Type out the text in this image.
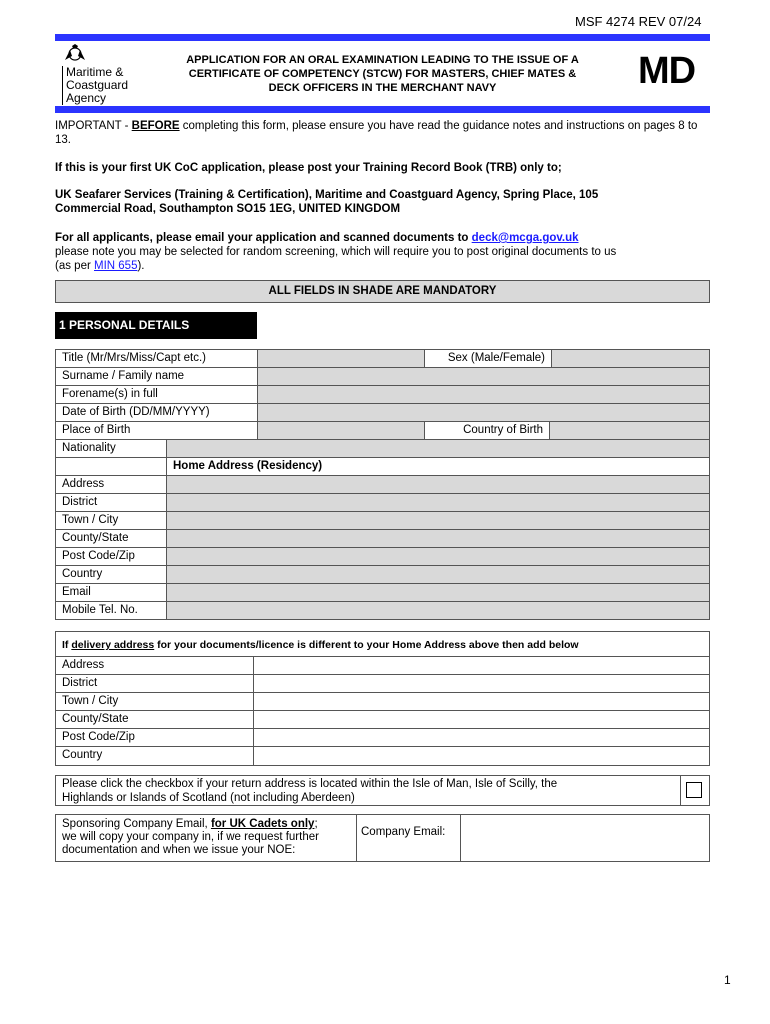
MSF 4274 REV 07/24
Maritime &
Coastguard
Agency
APPLICATION FOR AN ORAL EXAMINATION LEADING TO THE ISSUE OF A
CERTIFICATE OF COMPETENCY (STCW) FOR MASTERS, CHIEF MATES &
DECK OFFICERS IN THE MERCHANT NAVY	MD
IMPORTANT - BEFORE completing this form, please ensure you have read the guidance notes and instructions on pages 8 to 13.
If this is your first UK CoC application, please post your Training Record Book (TRB) only to;
UK Seafarer Services (Training & Certification), Maritime and Coastguard Agency, Spring Place, 105
Commercial Road, Southampton SO15 1EG, UNITED KINGDOM
For all applicants, please email your application and scanned documents to deck@mcga.gov.uk
please note you may be selected for random screening, which will require you to post original documents to us
(as per MIN 655).
ALL FIELDS IN SHADE ARE MANDATORY
1 PERSONAL DETAILS
Title (Mr/Mrs/Miss/Capt etc.)	Sex (Male/Female)
Surname / Family name
Forename(s) in full
Date of Birth (DD/MM/YYYY)
Place of Birth	Country of Birth
Nationality
Home Address (Residency)
Address
District
Town / City
County/State
Post Code/Zip
Country
Email
Mobile Tel. No.
If delivery address for your documents/licence is different to your Home Address above then add below
Address
District
Town / City
County/State
Post Code/Zip
Country
Please click the checkbox if your return address is located within the Isle of Man, Isle of Scilly, the
Highlands or Islands of Scotland (not including Aberdeen)
Sponsoring Company Email, for UK Cadets only;
we will copy your company in, if we request further
documentation and when we issue your NOE:
Company Email:
1
